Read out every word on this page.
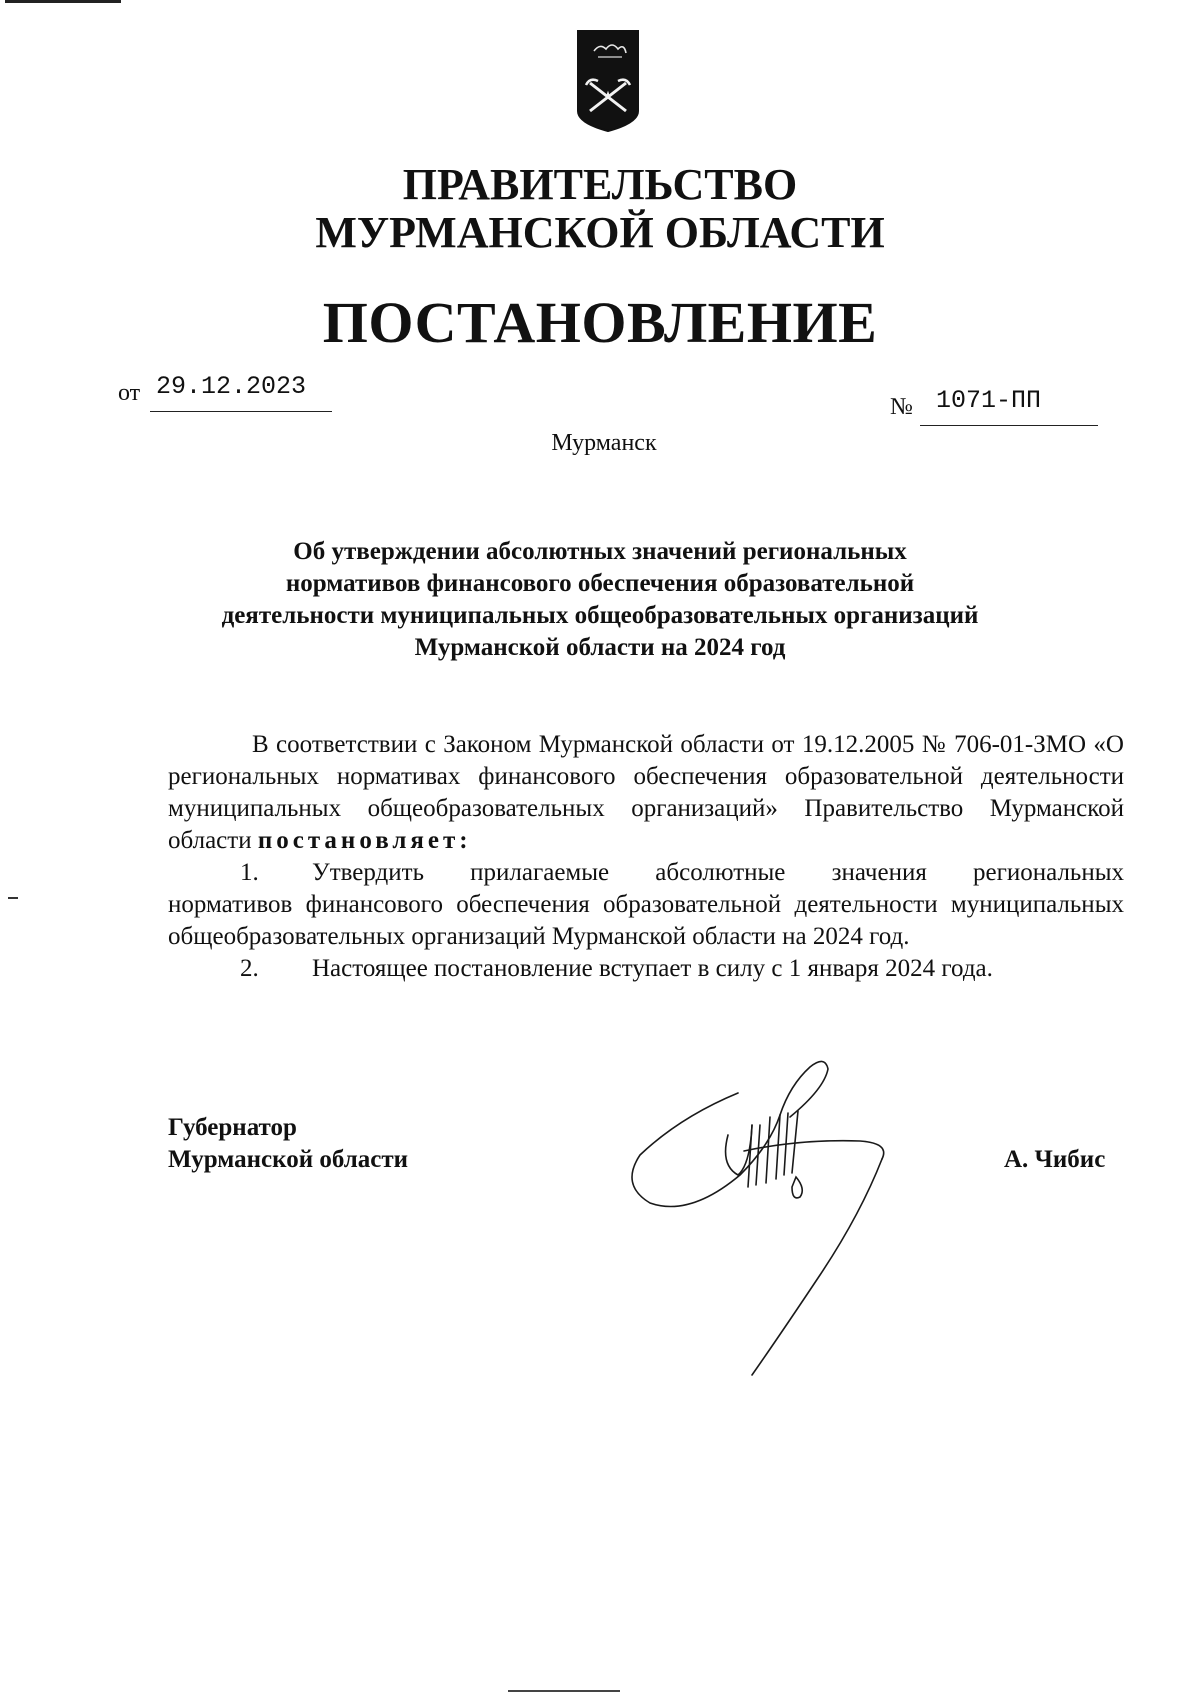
ПРАВИТЕЛЬСТВО
МУРМАНСКОЙ ОБЛАСТИ
ПОСТАНОВЛЕНИЕ
от 29.12.2023
№ 1071-ПП
Мурманск
Об утверждении абсолютных значений региональных
нормативов финансового обеспечения образовательной
деятельности муниципальных общеобразовательных организаций
Мурманской области на 2024 год

В соответствии с Законом Мурманской области от 19.12.2005 № 706-01-ЗМО «О региональных нормативах финансового обеспечения образовательной деятельности муниципальных общеобразовательных организаций» Правительство Мурманской области постановляет:

1.	Утвердить прилагаемые абсолютные значения региональных

нормативов финансового обеспечения образовательной деятельности муниципальных общеобразовательных организаций Мурманской области на 2024 год.

2.	Настоящее постановление вступает в силу с 1 января 2024 года.
Губернатор
Мурманской области	А. Чибис
